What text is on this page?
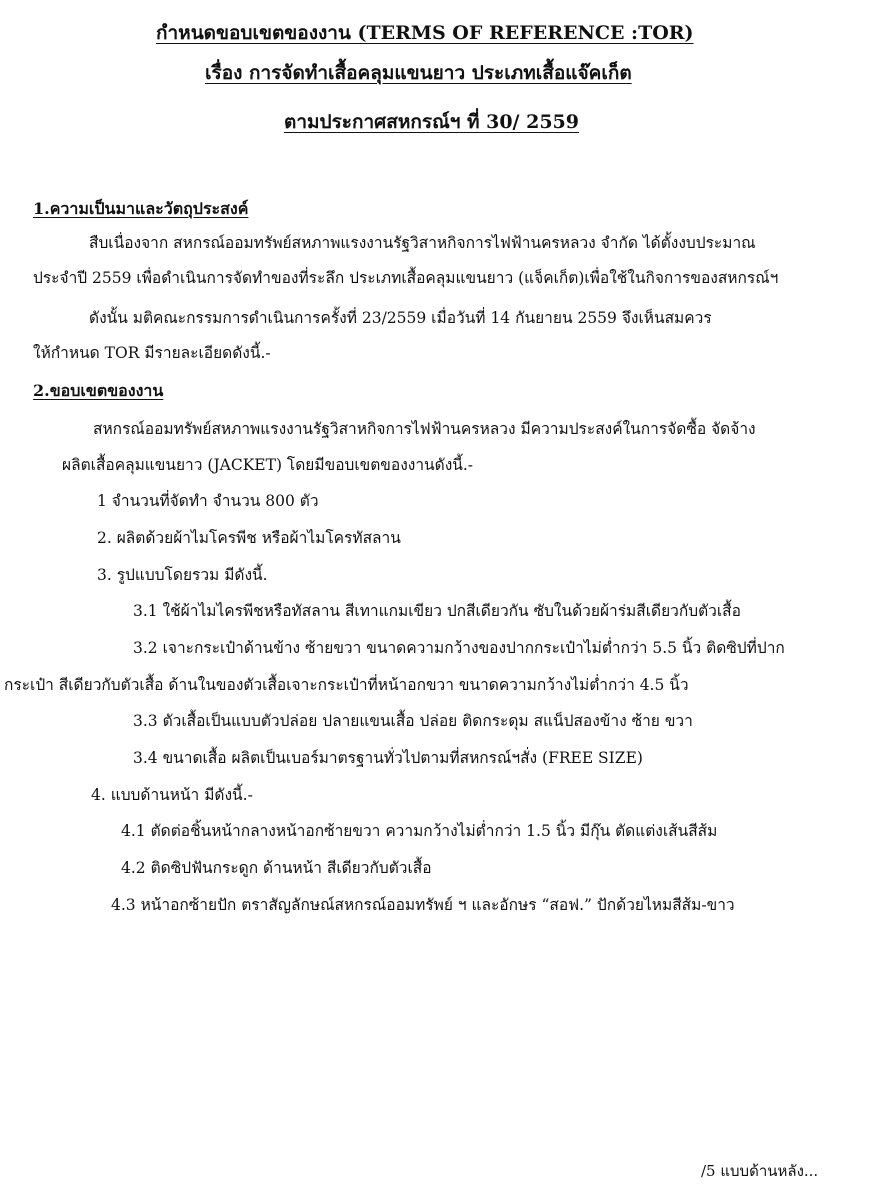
กำหนดขอบเขตของงาน (TERMS OF REFERENCE :TOR)
เรื่อง การจัดทำเสื้อคลุมแขนยาว ประเภทเสื้อแจ๊คเก็ต
ตามประกาศสหกรณ์ฯ ที่ 30/ 2559
1.ความเป็นมาและวัตถุประสงค์
สืบเนื่องจาก สหกรณ์ออมทรัพย์สหภาพแรงงานรัฐวิสาหกิจการไฟฟ้านครหลวง จำกัด ได้ตั้งงบประมาณ
ประจำปี 2559 เพื่อดำเนินการจัดทำของที่ระลึก ประเภทเสื้อคลุมแขนยาว (แจ็คเก็ต)เพื่อใช้ในกิจการของสหกรณ์ฯ
ดังนั้น มติคณะกรรมการดำเนินการครั้งที่ 23/2559 เมื่อวันที่ 14 กันยายน 2559 จึงเห็นสมควร
ให้กำหนด TOR มีรายละเอียดดังนี้.-
2.ขอบเขตของงาน
สหกรณ์ออมทรัพย์สหภาพแรงงานรัฐวิสาหกิจการไฟฟ้านครหลวง มีความประสงค์ในการจัดซื้อ จัดจ้าง
ผลิตเสื้อคลุมแขนยาว (JACKET) โดยมีขอบเขตของงานดังนี้.-
1 จำนวนที่จัดทำ จำนวน 800 ตัว
2. ผลิตด้วยผ้าไมโครพีช หรือผ้าไมโครทัสลาน
3. รูปแบบโดยรวม มีดังนี้.
3.1 ใช้ผ้าไมไครพีชหรือทัสลาน สีเทาแกมเขียว ปกสีเดียวกัน ซับในด้วยผ้าร่มสีเดียวกับตัวเสื้อ
3.2 เจาะกระเป๋าด้านข้าง ซ้ายขวา ขนาดความกว้างของปากกระเป๋าไม่ต่ำกว่า 5.5 นิ้ว ติดซิปที่ปาก
กระเป๋า สีเดียวกับตัวเสื้อ ด้านในของตัวเสื้อเจาะกระเป๋าที่หน้าอกขวา ขนาดความกว้างไม่ต่ำกว่า 4.5 นิ้ว
3.3 ตัวเสื้อเป็นแบบตัวปล่อย ปลายแขนเสื้อ ปล่อย ติดกระดุม สแน็ปสองข้าง ซ้าย ขวา
3.4 ขนาดเสื้อ ผลิตเป็นเบอร์มาตรฐานทั่วไปตามที่สหกรณ์ฯสั่ง (FREE SIZE)
4. แบบด้านหน้า มีดังนี้.-
4.1 ตัดต่อชิ้นหน้ากลางหน้าอกซ้ายขวา ความกว้างไม่ต่ำกว่า 1.5 นิ้ว มีกุ๊น ตัดแต่งเส้นสีส้ม
4.2 ติดซิปฟันกระดูก ด้านหน้า สีเดียวกับตัวเสื้อ
4.3 หน้าอกซ้ายปัก ตราสัญลักษณ์สหกรณ์ออมทรัพย์ ฯ และอักษร “สอฟ.” ปักด้วยไหมสีส้ม-ขาว
/5 แบบด้านหลัง...
